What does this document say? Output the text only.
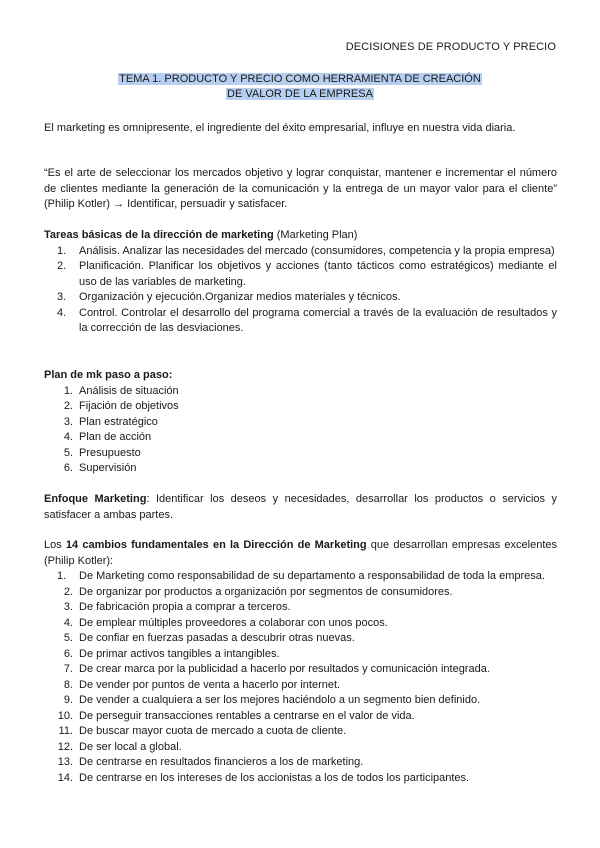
DECISIONES DE PRODUCTO Y PRECIO
TEMA 1. PRODUCTO Y PRECIO COMO HERRAMIENTA DE CREACIÓN
DE VALOR DE LA EMPRESA

El marketing es omnipresente, el ingrediente del éxito empresarial, influye en nuestra vida diaria.

“Es el arte de seleccionar los mercados objetivo y lograr conquistar, mantener e incrementar el número de clientes mediante la generación de la comunicación y la entrega de un mayor valor para el cliente” (Philip Kotler) → Identificar, persuadir y satisfacer.

Tareas básicas de la dirección de marketing (Marketing Plan)
1.	Análisis. Analizar las necesidades del mercado (consumidores, competencia y la propia empresa)
2.	Planificación. Planificar los objetivos y acciones (tanto tácticos como estratégicos) mediante el uso de las variables de marketing.
3.	Organización y ejecución.Organizar medios materiales y técnicos.
4.	Control. Controlar el desarrollo del programa comercial a través de la evaluación de resultados y la corrección de las desviaciones.
Plan de mk paso a paso:
1. Análisis de situación
2. Fijación de objetivos
3. Plan estratégico
4. Plan de acción
5. Presupuesto
6. Supervisión

Enfoque Marketing: Identificar los deseos y necesidades, desarrollar los productos o servicios y satisfacer a ambas partes.

Los 14 cambios fundamentales en la Dirección de Marketing que desarrollan empresas excelentes (Philip Kotler):
1.	De Marketing como responsabilidad de su departamento a responsabilidad de toda la empresa.
2. De organizar por productos a organización por segmentos de consumidores.
3. De fabricación propia a comprar a terceros.
4. De emplear múltiples proveedores a colaborar con unos pocos.
5. De confiar en fuerzas pasadas a descubrir otras nuevas.
6. De primar activos tangibles a intangibles.
7. De crear marca por la publicidad a hacerlo por resultados y comunicación integrada.
8. De vender por puntos de venta a hacerlo por internet.
9. De vender a cualquiera a ser los mejores haciéndolo a un segmento bien definido.
10. De perseguir transacciones rentables a centrarse en el valor de vida.
11. De buscar mayor cuota de mercado a cuota de cliente.
12. De ser local a global.
13. De centrarse en resultados financieros a los de marketing.
14. De centrarse en los intereses de los accionistas a los de todos los participantes.
